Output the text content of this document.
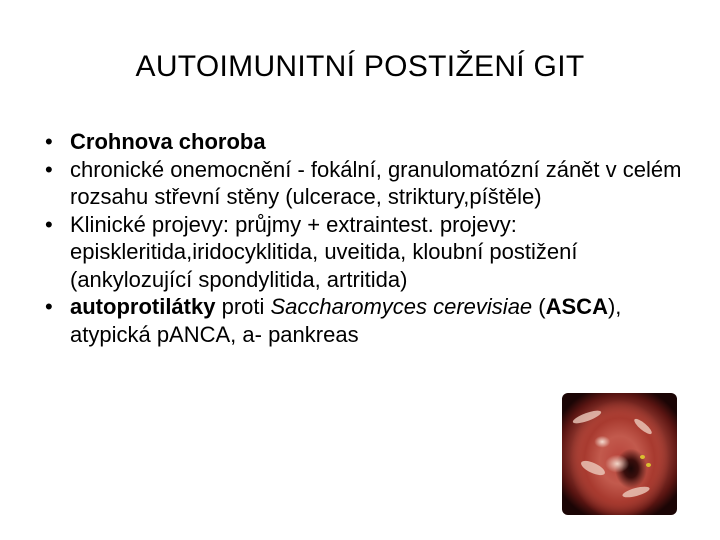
AUTOIMUNITNÍ POSTIŽENÍ GIT
• Crohnova choroba
• chronické onemocnění - fokální, granulomatózní zánět v celém rozsahu střevní stěny (ulcerace, striktury,píštěle)
• Klinické projevy: průjmy + extraintest. projevy: episkleritida,iridocyklitida, uveitida, kloubní postižení (ankylozující spondylitida, artritida)
• autoprotilátky proti Saccharomyces cerevisiae (ASCA), atypická pANCA, a- pankreas
